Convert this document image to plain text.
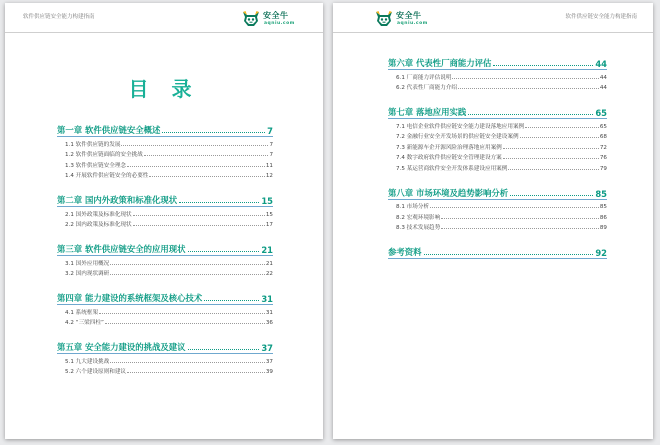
软件供应链安全能力构建指南	安全牛
aqniu.com
目 录
第一章 软件供应链安全概述	7
1.1 软件供应链的发展	7
1.2 软件供应链面临的安全挑战	7
1.3 软件供应链安全理念	11
1.4 开展软件供应链安全的必要性	12
第二章 国内外政策和标准化现状	15
2.1 国外政策及标准化现状	15
2.2 国内政策及标准化现状	17
第三章 软件供应链安全的应用现状	21
3.1 国外应用概况	21
3.2 国内现状调研	22
第四章 能力建设的系统框架及核心技术	31
4.1 系统框架	31
4.2 “三梁四柱”	36
第五章 安全能力建设的挑战及建议	37
5.1 九大建设挑战	37
5.2 六个建设原则和建议	39
安全牛
aqniu.com
软件供应链安全能力构建指南
第六章 代表性厂商能力评估	44
6.1 厂商能力评估说明	44
6.2 代表性厂商能力介绍	44
第七章 落地应用实践	65
7.1 电信企业软件供应链安全能力建设落地应用案例	65
7.2 金融行业安全开发场景的供应链安全建设案例	68
7.3 新能源车企开源风险治理落地应用案例	72
7.4 数字政府软件供应链安全管理建设方案	76
7.5 某运营商软件安全开发体系建设应用案例	79
第八章 市场环境及趋势影响分析	85
8.1 市场分析	85
8.2 宏观环境影响	86
8.3 技术发展趋势	89
参考资料	92
